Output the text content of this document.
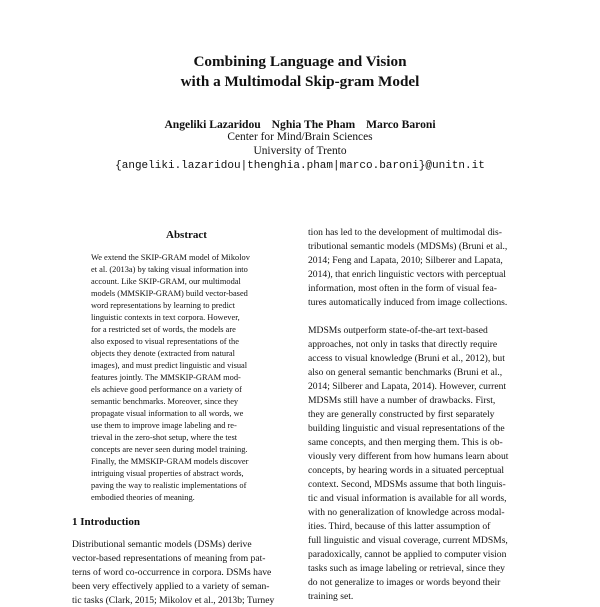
Combining Language and Vision
with a Multimodal Skip-gram Model
Angeliki Lazaridou Nghia The Pham Marco Baroni
Center for Mind/Brain Sciences
University of Trento
{angeliki.lazaridou|thenghia.pham|marco.baroni}@unitn.it
Abstract
We extend the SKIP-GRAM model of Mikolov
et al. (2013a) by taking visual information into
account. Like SKIP-GRAM, our multimodal
models (MMSKIP-GRAM) build vector-based
word representations by learning to predict
linguistic contexts in text corpora. However,
for a restricted set of words, the models are
also exposed to visual representations of the
objects they denote (extracted from natural
images), and must predict linguistic and visual
features jointly. The MMSKIP-GRAM mod-
els achieve good performance on a variety of
semantic benchmarks. Moreover, since they
propagate visual information to all words, we
use them to improve image labeling and re-
trieval in the zero-shot setup, where the test
concepts are never seen during model training.
Finally, the MMSKIP-GRAM models discover
intriguing visual properties of abstract words,
paving the way to realistic implementations of
embodied theories of meaning.
1 Introduction
Distributional semantic models (DSMs) derive
vector-based representations of meaning from pat-
terns of word co-occurrence in corpora. DSMs have
been very effectively applied to a variety of seman-
tic tasks (Clark, 2015; Mikolov et al., 2013b; Turney
tion has led to the development of multimodal dis-
tributional semantic models (MDSMs) (Bruni et al.,
2014; Feng and Lapata, 2010; Silberer and Lapata,
2014), that enrich linguistic vectors with perceptual
information, most often in the form of visual fea-
tures automatically induced from image collections.
MDSMs outperform state-of-the-art text-based
approaches, not only in tasks that directly require
access to visual knowledge (Bruni et al., 2012), but
also on general semantic benchmarks (Bruni et al.,
2014; Silberer and Lapata, 2014). However, current
MDSMs still have a number of drawbacks. First,
they are generally constructed by first separately
building linguistic and visual representations of the
same concepts, and then merging them. This is ob-
viously very different from how humans learn about
concepts, by hearing words in a situated perceptual
context. Second, MDSMs assume that both linguis-
tic and visual information is available for all words,
with no generalization of knowledge across modal-
ities. Third, because of this latter assumption of
full linguistic and visual coverage, current MDSMs,
paradoxically, cannot be applied to computer vision
tasks such as image labeling or retrieval, since they
do not generalize to images or words beyond their
training set.
